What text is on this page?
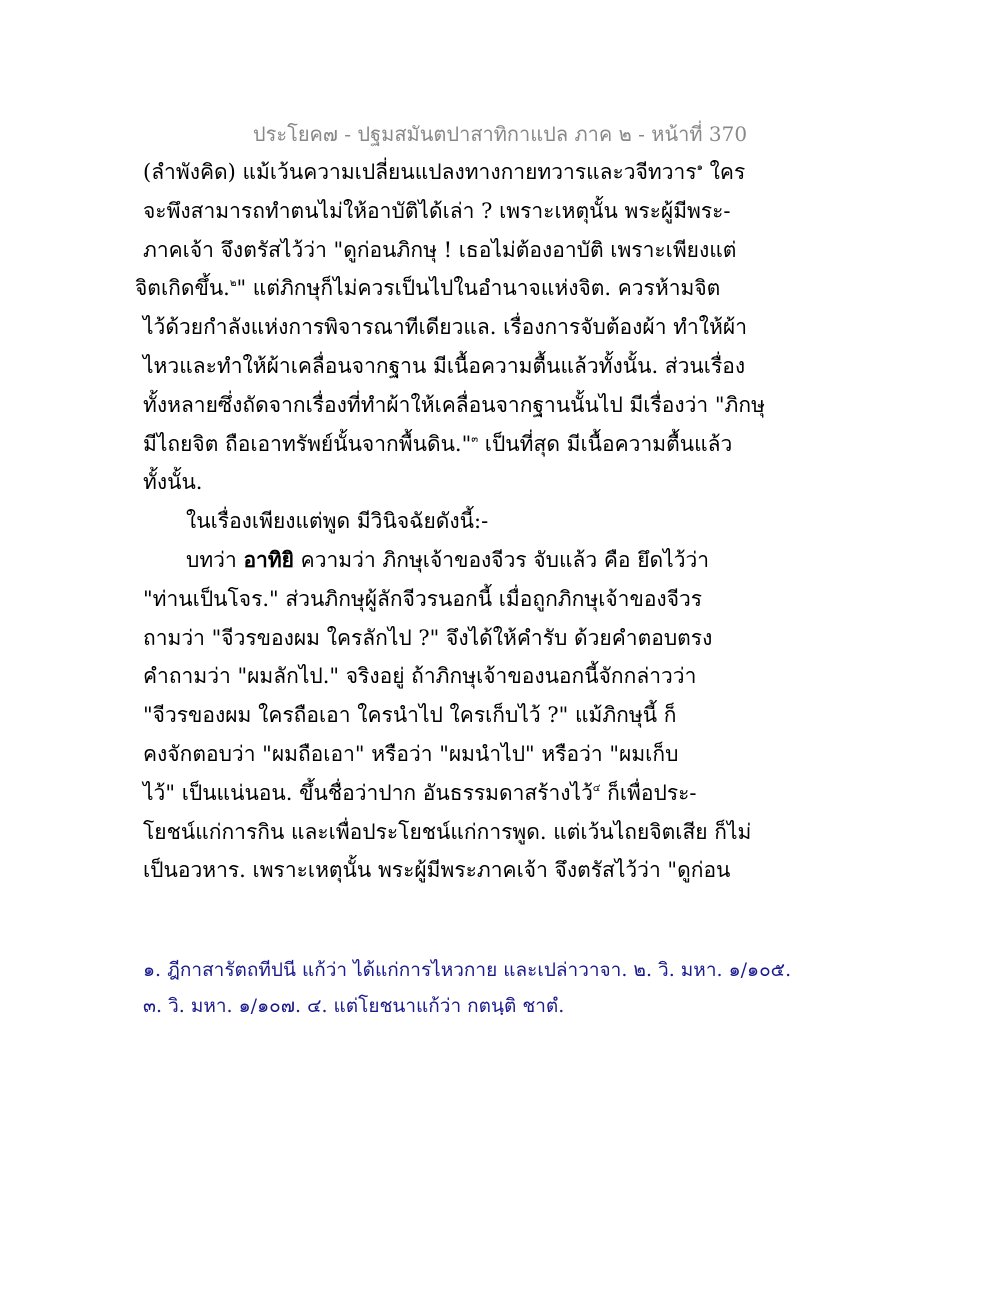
ประโยค๗ - ปฐมสมันตปาสาทิกาแปล ภาค ๒ - หน้าที่ 370
(ลำพังคิด) แม้เว้นความเปลี่ยนแปลงทางกายทวารและวจีทวาร$^๑$ ใคร
จะพึงสามารถทำตนไม่ให้อาบัติได้เล่า ? เพราะเหตุนั้น พระผู้มีพระ-
ภาคเจ้า จึงตรัสไว้ว่า "ดูก่อนภิกษุ ! เธอไม่ต้องอาบัติ เพราะเพียงแต่
จิตเกิดขึ้น.$^๒$" แต่ภิกษุก็ไม่ควรเป็นไปในอำนาจแห่งจิต. ควรห้ามจิต
ไว้ด้วยกำลังแห่งการพิจารณาทีเดียวแล. เรื่องการจับต้องผ้า ทำให้ผ้า
ไหวและทำให้ผ้าเคลื่อนจากฐาน มีเนื้อความตื้นแล้วทั้งนั้น. ส่วนเรื่อง
ทั้งหลายซึ่งถัดจากเรื่องที่ทำผ้าให้เคลื่อนจากฐานนั้นไป มีเรื่องว่า "ภิกษุ
มีไถยจิต ถือเอาทรัพย์นั้นจากพื้นดิน."$^๓$ เป็นที่สุด มีเนื้อความตื้นแล้ว
ทั้งนั้น.
ในเรื่องเพียงแต่พูด มีวินิจฉัยดังนี้:-
บทว่า อาทิยิ ความว่า ภิกษุเจ้าของจีวร จับแล้ว คือ ยึดไว้ว่า
"ท่านเป็นโจร." ส่วนภิกษุผู้ลักจีวรนอกนี้ เมื่อถูกภิกษุเจ้าของจีวร
ถามว่า "จีวรของผม ใครลักไป ?" จึงได้ให้คำรับ ด้วยคำตอบตรง
คำถามว่า "ผมลักไป." จริงอยู่ ถ้าภิกษุเจ้าของนอกนี้จักกล่าวว่า
"จีวรของผม ใครถือเอา ใครนำไป ใครเก็บไว้ ?" แม้ภิกษุนี้ ก็
คงจักตอบว่า "ผมถือเอา" หรือว่า "ผมนำไป" หรือว่า "ผมเก็บ
ไว้" เป็นแน่นอน. ขึ้นชื่อว่าปาก อันธรรมดาสร้างไว้$^๔$ ก็เพื่อประ-
โยชน์แก่การกิน และเพื่อประโยชน์แก่การพูด. แต่เว้นไถยจิตเสีย ก็ไม่
เป็นอวหาร. เพราะเหตุนั้น พระผู้มีพระภาคเจ้า จึงตรัสไว้ว่า "ดูก่อน
๑. ฎีกาสารัตถทีปนี แก้ว่า ได้แก่การไหวกาย และเปล่าวาจา. ๒. วิ. มหา. ๑/๑๐๕.
๓. วิ. มหา. ๑/๑๐๗. ๔. แต่โยชนาแก้ว่า กตนฺติ ชาตํ.
